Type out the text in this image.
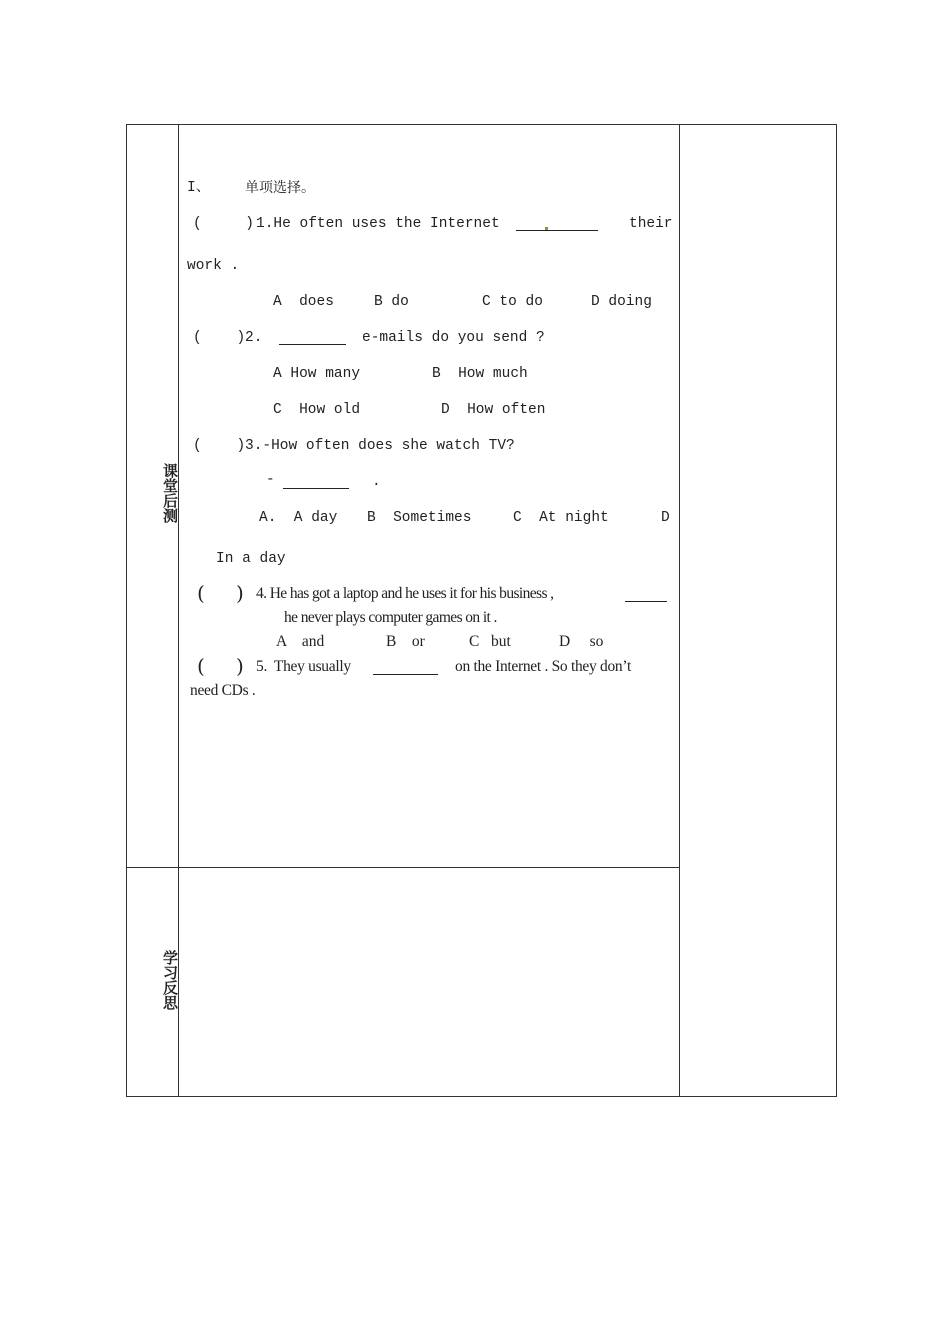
课堂后测
学习反思
I、 单项选择。
(     ) 1.He often uses the Internet	their
work .
A  does	B do	C to do	D doing
(    ) 2.	e-mails do you send ?
A How many	B  How much
C  How old	D  How often
(    ) 3.-How often does she watch TV?
-	.
A.  A day B  Sometimes	C  At night	D
In a day
( ) 4. He has got a laptop and he uses it for his business ,
he never plays computer games on it .
A    and	B    or	C   but	D     so
( ) 5.  They usually	on the Internet . So they don’t
need CDs .
